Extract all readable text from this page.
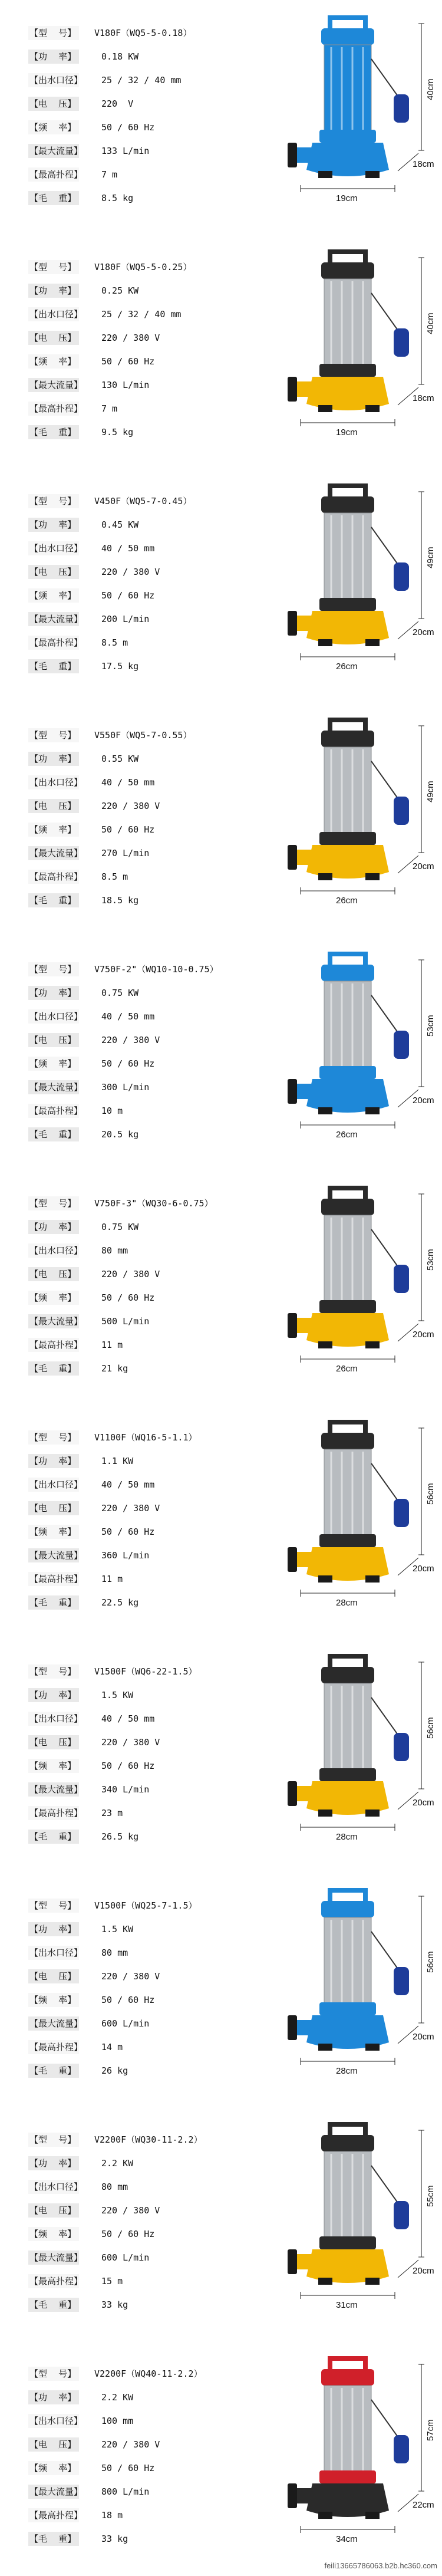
【型    号】	V180F（WQ5-5-0.18）
【功    率】	0.18 KW
【出水口径】	25 / 32 / 40 mm
【电    压】	220  V
【频    率】	50 / 60 Hz
【最大流量】	133 L/min
【最高扑程】	7 m
【毛    重】	8.5 kg	19cm
18cm
40cm
【型    号】	V180F（WQ5-5-0.25）
【功    率】	0.25 KW
【出水口径】	25 / 32 / 40 mm
【电    压】	220 / 380 V
【频    率】	50 / 60 Hz
【最大流量】	130 L/min
【最高扑程】	7 m
【毛    重】	9.5 kg	19cm
18cm
40cm
【型    号】	V450F（WQ5-7-0.45）
【功    率】	0.45 KW
【出水口径】	40 / 50 mm
【电    压】	220 / 380 V
【频    率】	50 / 60 Hz
【最大流量】	200 L/min
【最高扑程】	8.5 m
【毛    重】	17.5 kg	26cm
20cm
49cm
【型    号】	V550F（WQ5-7-0.55）
【功    率】	0.55 KW
【出水口径】	40 / 50 mm
【电    压】	220 / 380 V
【频    率】	50 / 60 Hz
【最大流量】	270 L/min
【最高扑程】	8.5 m
【毛    重】	18.5 kg	26cm
20cm
49cm
【型    号】	V750F-2"（WQ10-10-0.75）
【功    率】	0.75 KW
【出水口径】	40 / 50 mm
【电    压】	220 / 380 V
【频    率】	50 / 60 Hz
【最大流量】	300 L/min
【最高扑程】	10 m
【毛    重】	20.5 kg	26cm
20cm
53cm
【型    号】	V750F-3"（WQ30-6-0.75）
【功    率】	0.75 KW
【出水口径】	80 mm
【电    压】	220 / 380 V
【频    率】	50 / 60 Hz
【最大流量】	500 L/min
【最高扑程】	11 m
【毛    重】	21 kg	26cm
20cm
53cm
【型    号】	V1100F（WQ16-5-1.1）
【功    率】	1.1 KW
【出水口径】	40 / 50 mm
【电    压】	220 / 380 V
【频    率】	50 / 60 Hz
【最大流量】	360 L/min
【最高扑程】	11 m
【毛    重】	22.5 kg	28cm
20cm
56cm
【型    号】	V1500F（WQ6-22-1.5）
【功    率】	1.5 KW
【出水口径】	40 / 50 mm
【电    压】	220 / 380 V
【频    率】	50 / 60 Hz
【最大流量】	340 L/min
【最高扑程】	23 m
【毛    重】	26.5 kg	28cm
20cm
56cm
【型    号】	V1500F（WQ25-7-1.5）
【功    率】	1.5 KW
【出水口径】	80 mm
【电    压】	220 / 380 V
【频    率】	50 / 60 Hz
【最大流量】	600 L/min
【最高扑程】	14 m
【毛    重】	26 kg	28cm
20cm
56cm
【型    号】	V2200F（WQ30-11-2.2）
【功    率】	2.2 KW
【出水口径】	80 mm
【电    压】	220 / 380 V
【频    率】	50 / 60 Hz
【最大流量】	600 L/min
【最高扑程】	15 m
【毛    重】	33 kg	31cm
20cm
55cm
【型    号】	V2200F（WQ40-11-2.2）
【功    率】	2.2 KW
【出水口径】	100 mm
【电    压】	220 / 380 V
【频    率】	50 / 60 Hz
【最大流量】	800 L/min
【最高扑程】	18 m
【毛    重】	33 kg	34cm
22cm
57cm
feili13665786063.b2b.hc360.com
